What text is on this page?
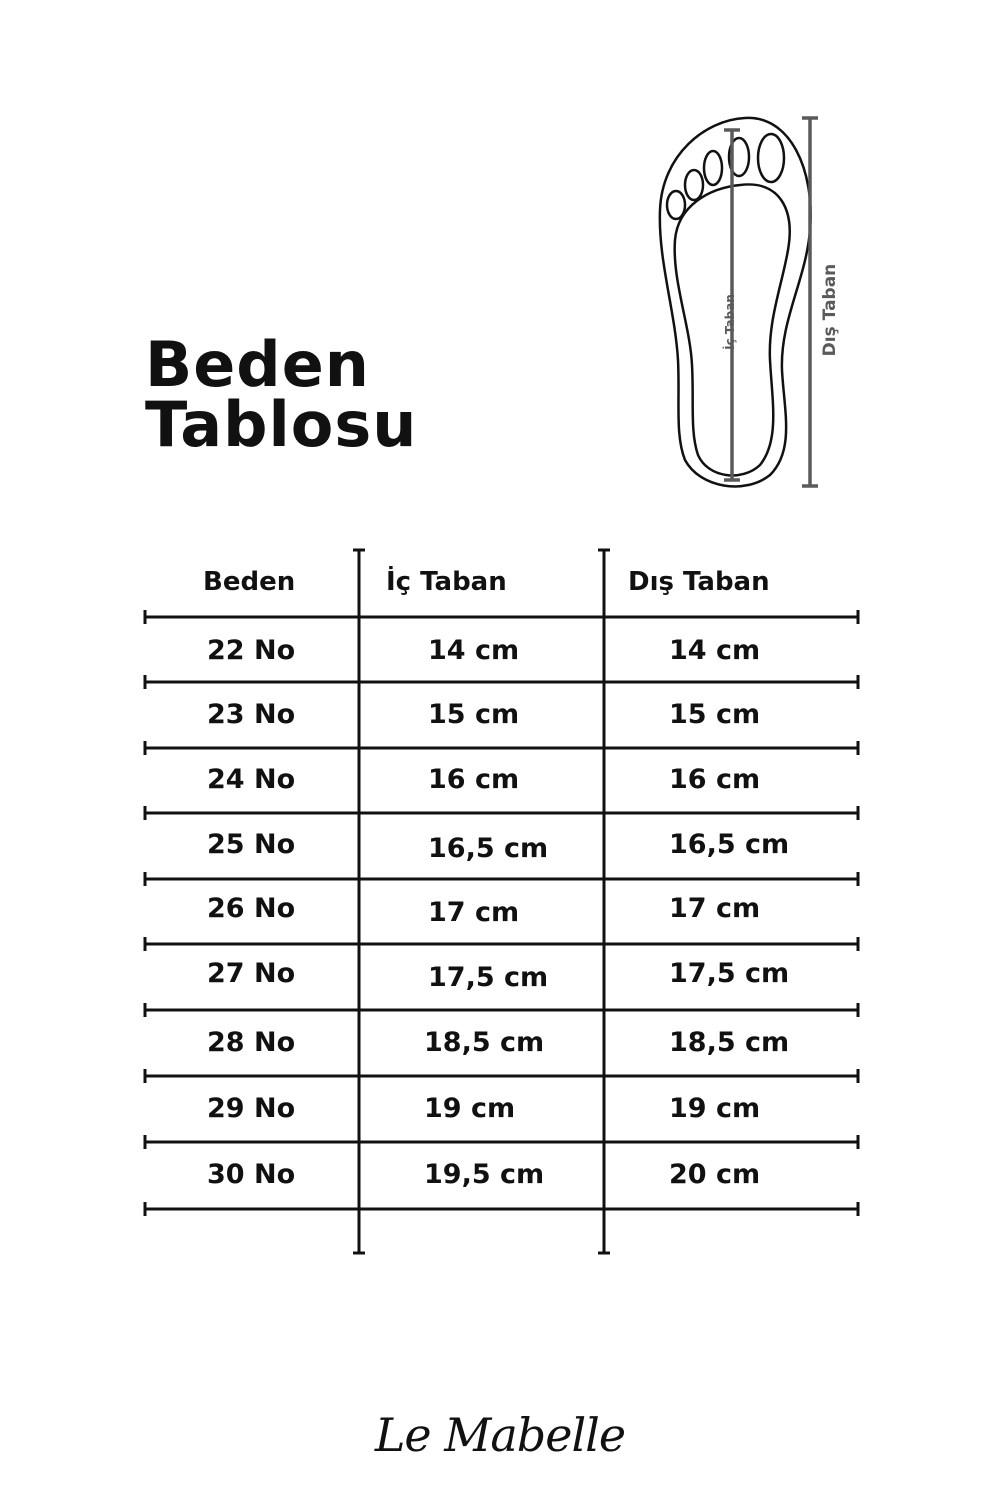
Beden
Tablosu
İç Taban	Dış Taban
Beden	İç Taban	Dış Taban
22 No	14 cm	14 cm
23 No	15 cm	15 cm
24 No	16 cm	16 cm
25 No	16,5 cm	16,5 cm
26 No	17 cm	17 cm
27 No	17,5 cm	17,5 cm
28 No	18,5 cm	18,5 cm
29 No	19 cm	19 cm
30 No	19,5 cm	20 cm
Le Mabelle
